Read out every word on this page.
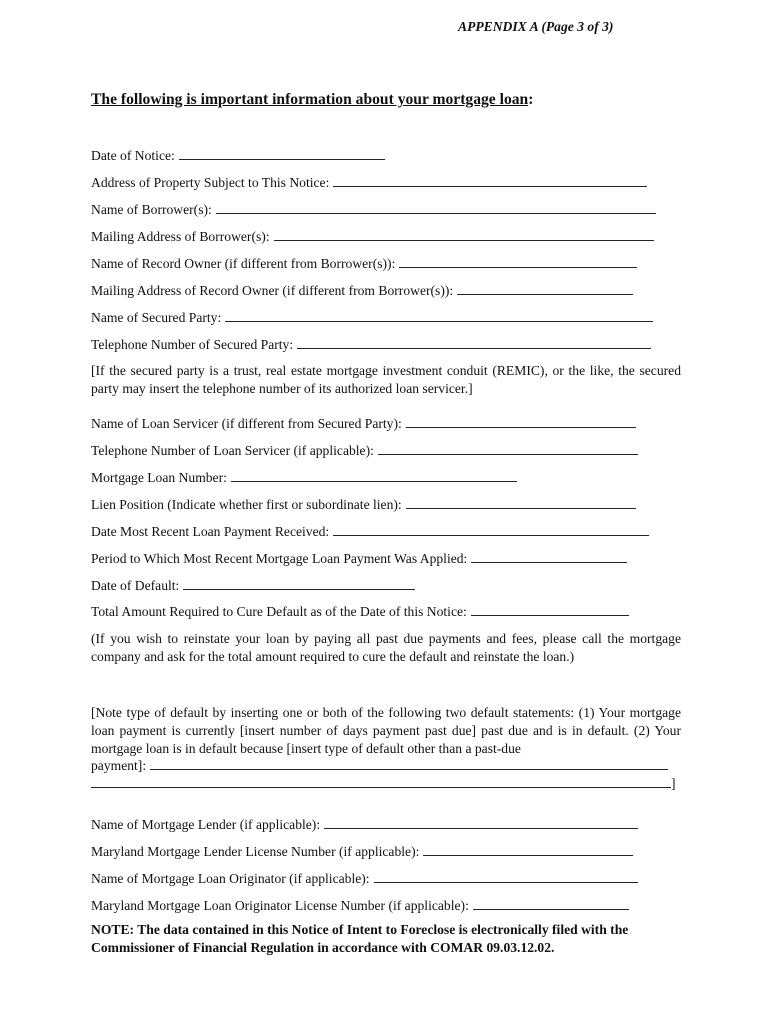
APPENDIX A (Page 3 of 3)
The following is important information about your mortgage loan:
Date of Notice:
Address of Property Subject to This Notice:
Name of Borrower(s):
Mailing Address of Borrower(s):
Name of Record Owner (if different from Borrower(s)):
Mailing Address of Record Owner (if different from Borrower(s)):
Name of Secured Party:
Telephone Number of Secured Party:
[If the secured party is a trust, real estate mortgage investment conduit (REMIC), or the like, the secured party may insert the telephone number of its authorized loan servicer.]
Name of Loan Servicer (if different from Secured Party):
Telephone Number of Loan Servicer (if applicable):
Mortgage Loan Number:
Lien Position (Indicate whether first or subordinate lien):
Date Most Recent Loan Payment Received:
Period to Which Most Recent Mortgage Loan Payment Was Applied:
Date of Default:
Total Amount Required to Cure Default as of the Date of this Notice:
(If you wish to reinstate your loan by paying all past due payments and fees, please call the mortgage company and ask for the total amount required to cure the default and reinstate the loan.)
[Note type of default by inserting one or both of the following two default statements: (1) Your mortgage loan payment is currently [insert number of days payment past due] past due and is in default. (2) Your mortgage loan is in default because [insert type of default other than a past-due
payment]:
]
Name of Mortgage Lender (if applicable):
Maryland Mortgage Lender License Number (if applicable):
Name of Mortgage Loan Originator (if applicable):
Maryland Mortgage Loan Originator License Number (if applicable):
NOTE: The data contained in this Notice of Intent to Foreclose is electronically filed with the Commissioner of Financial Regulation in accordance with COMAR 09.03.12.02.
